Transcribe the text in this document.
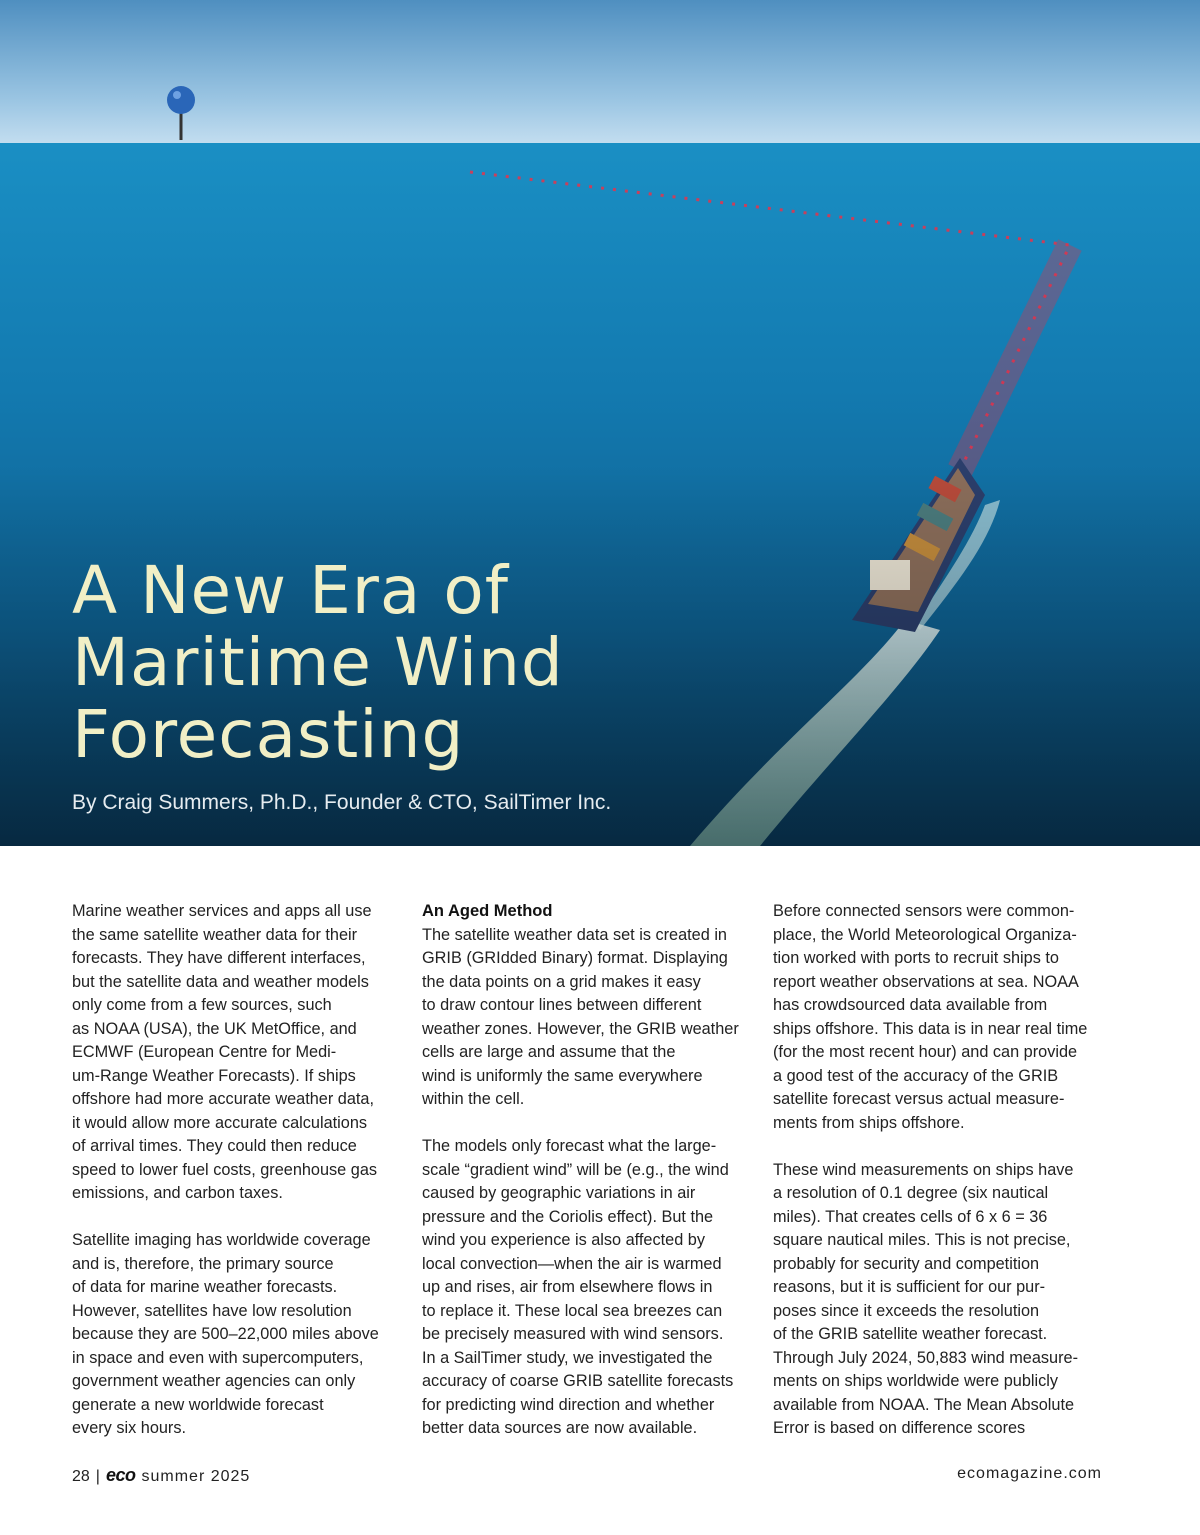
A New Era of
Maritime Wind
Forecasting
By Craig Summers, Ph.D., Founder & CTO, SailTimer Inc.

Marine weather services and apps all use
the same satellite weather data for their
forecasts. They have different interfaces,
but the satellite data and weather models
only come from a few sources, such
as NOAA (USA), the UK MetOffice, and
ECMWF (European Centre for Medi-
um-Range Weather Forecasts). If ships
offshore had more accurate weather data,
it would allow more accurate calculations
of arrival times. They could then reduce
speed to lower fuel costs, greenhouse gas
emissions, and carbon taxes.

Satellite imaging has worldwide coverage
and is, therefore, the primary source
of data for marine weather forecasts.
However, satellites have low resolution
because they are 500–22,000 miles above
in space and even with supercomputers,
government weather agencies can only
generate a new worldwide forecast
every six hours.

An Aged Method

The satellite weather data set is created in
GRIB (GRIdded Binary) format. Displaying
the data points on a grid makes it easy
to draw contour lines between different
weather zones. However, the GRIB weather
cells are large and assume that the
wind is uniformly the same everywhere
within the cell.

The models only forecast what the large-
scale “gradient wind” will be (e.g., the wind
caused by geographic variations in air
pressure and the Coriolis effect). But the
wind you experience is also affected by
local convection—when the air is warmed
up and rises, air from elsewhere flows in
to replace it. These local sea breezes can
be precisely measured with wind sensors.
In a SailTimer study, we investigated the
accuracy of coarse GRIB satellite forecasts
for predicting wind direction and whether
better data sources are now available.

Before connected sensors were common-
place, the World Meteorological Organiza-
tion worked with ports to recruit ships to
report weather observations at sea. NOAA
has crowdsourced data available from
ships offshore. This data is in near real time
(for the most recent hour) and can provide
a good test of the accuracy of the GRIB
satellite forecast versus actual measure-
ments from ships offshore.

These wind measurements on ships have
a resolution of 0.1 degree (six nautical
miles). That creates cells of 6 x 6 = 36
square nautical miles. This is not precise,
probably for security and competition
reasons, but it is sufficient for our pur-
poses since it exceeds the resolution
of the GRIB satellite weather forecast.
Through July 2024, 50,883 wind measure-
ments on ships worldwide were publicly
available from NOAA. The Mean Absolute
Error is based on difference scores

28 | eco summer 2025	ecomagazine.com
